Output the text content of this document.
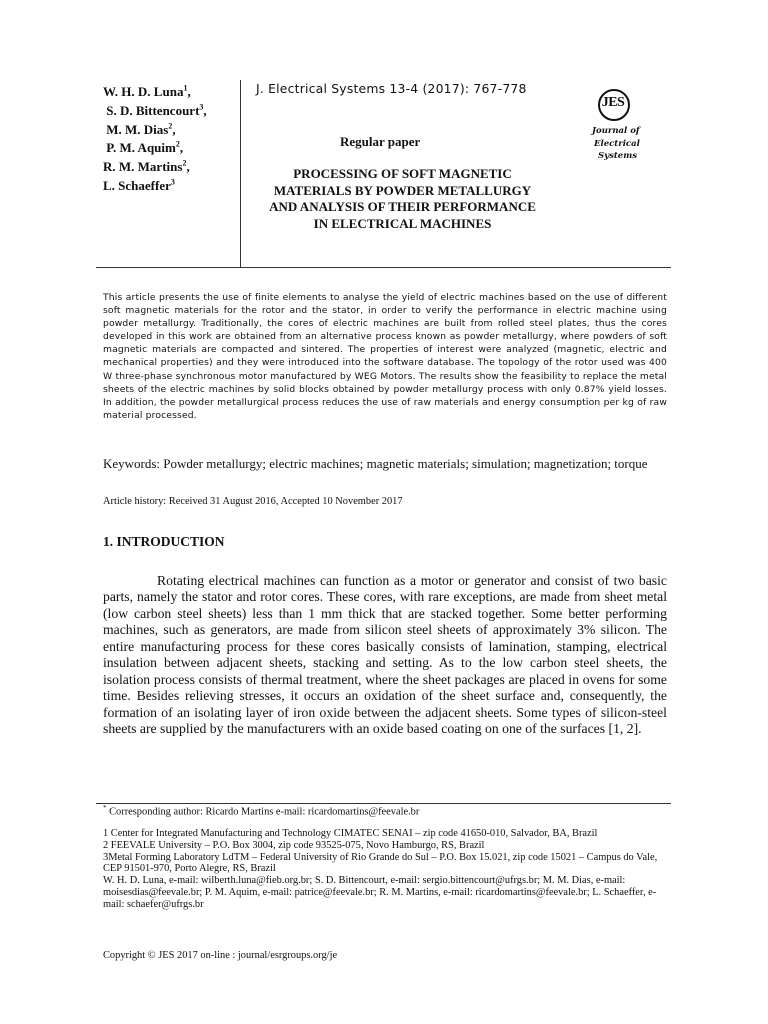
W. H. D. Luna$^1$,
S. D. Bittencourt$^3$,
M. M. Dias$^2$,
P. M. Aquim$^2$,
R. M. Martins$^2$,
L. Schaeffer$^3$
J. Electrical Systems 13-4 (2017): 767-778
Regular paper
PROCESSING OF SOFT MAGNETIC
MATERIALS BY POWDER METALLURGY
AND ANALYSIS OF THEIR PERFORMANCE
IN ELECTRICAL MACHINES
JES
Journal of
Electrical
Systems
This article presents the use of finite elements to analyse the yield of electric machines based on the use of different soft magnetic materials for the rotor and the stator, in order to verify the performance in electric machine using powder metallurgy. Traditionally, the cores of electric machines are built from rolled steel plates, thus the cores developed in this work are obtained from an alternative process known as powder metallurgy, where powders of soft magnetic materials are compacted and sintered. The properties of interest were analyzed (magnetic, electric and mechanical properties) and they were introduced into the software database. The topology of the rotor used was 400 W three-phase synchronous motor manufactured by WEG Motors. The results show the feasibility to replace the metal sheets of the electric machines by solid blocks obtained by powder metallurgy process with only 0.87% yield losses. In addition, the powder metallurgical process reduces the use of raw materials and energy consumption per kg of raw material processed.
Keywords: Powder metallurgy; electric machines; magnetic materials; simulation; magnetization; torque
Article history: Received 31 August 2016, Accepted 10 November 2017
1. INTRODUCTION
Rotating electrical machines can function as a motor or generator and consist of two basic parts, namely the stator and rotor cores. These cores, with rare exceptions, are made from sheet metal (low carbon steel sheets) less than 1 mm thick that are stacked together. Some better performing machines, such as generators, are made from silicon steel sheets of approximately 3% silicon. The entire manufacturing process for these cores basically consists of lamination, stamping, electrical insulation between adjacent sheets, stacking and setting. As to the low carbon steel sheets, the isolation process consists of thermal treatment, where the sheet packages are placed in ovens for some time. Besides relieving stresses, it occurs an oxidation of the sheet surface and, consequently, the formation of an isolating layer of iron oxide between the adjacent sheets. Some types of silicon-steel sheets are supplied by the manufacturers with an oxide based coating on one of the surfaces [1, 2].
* Corresponding author: Ricardo Martins e-mail: ricardomartins@feevale.br
1 Center for Integrated Manufacturing and Technology CIMATEC SENAI – zip code 41650-010, Salvador, BA, Brazil
2 FEEVALE University – P.O. Box 3004, zip code 93525-075, Novo Hamburgo, RS, Brazil
3Metal Forming Laboratory LdTM – Federal University of Rio Grande do Sul – P.O. Box 15.021, zip code 15021 – Campus do Vale, CEP 91501-970, Porto Alegre, RS, Brazil
W. H. D. Luna, e-mail: wilberth.luna@fieb.org.br; S. D. Bittencourt, e-mail: sergio.bittencourt@ufrgs.br; M. M. Dias, e-mail: moisesdias@feevale.br; P. M. Aquim, e-mail: patrice@feevale.br; R. M. Martins, e-mail: ricardomartins@feevale.br; L. Schaeffer, e-mail: schaefer@ufrgs.br
Copyright © JES 2017 on-line : journal/esrgroups.org/je
